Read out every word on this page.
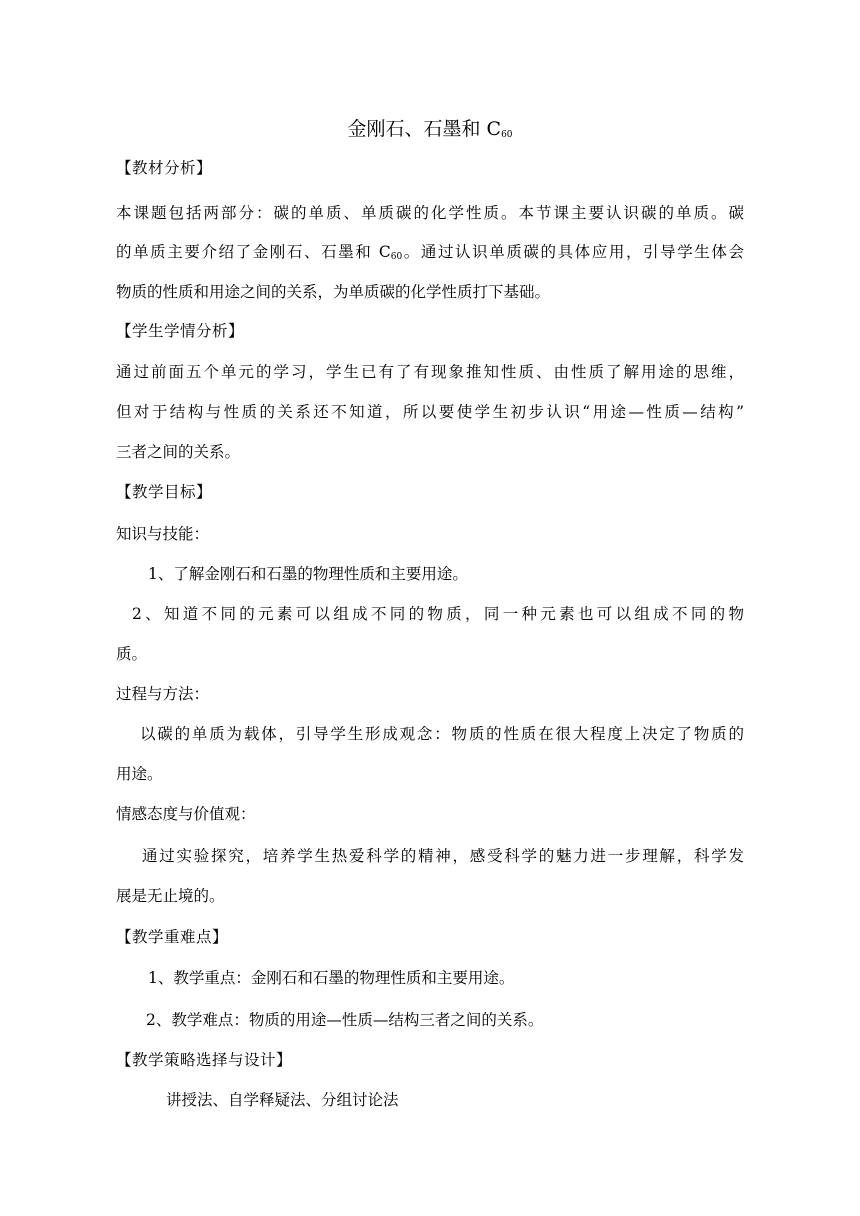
金刚石、石墨和 $C_{60}$
【教材分析】
本课题包括两部分：碳的单质、单质碳的化学性质。本节课主要认识碳的单质。碳
的单质主要介绍了金刚石、石墨和 $C_{60}$。通过认识单质碳的具体应用，引导学生体会
物质的性质和用途之间的关系，为单质碳的化学性质打下基础。
【学生学情分析】
通过前面五个单元的学习，学生已有了有现象推知性质、由性质了解用途的思维，
但对于结构与性质的关系还不知道，所以要使学生初步认识“用途—性质—结构”
三者之间的关系。
【教学目标】
知识与技能：
1、了解金刚石和石墨的物理性质和主要用途。
2、知道不同的元素可以组成不同的物质，同一种元素也可以组成不同的物
质。
过程与方法：
以碳的单质为载体，引导学生形成观念：物质的性质在很大程度上决定了物质的
用途。
情感态度与价值观：
通过实验探究，培养学生热爱科学的精神，感受科学的魅力进一步理解，科学发
展是无止境的。
【教学重难点】
1、教学重点：金刚石和石墨的物理性质和主要用途。
2、教学难点：物质的用途—性质—结构三者之间的关系。
【教学策略选择与设计】
讲授法、自学释疑法、分组讨论法
